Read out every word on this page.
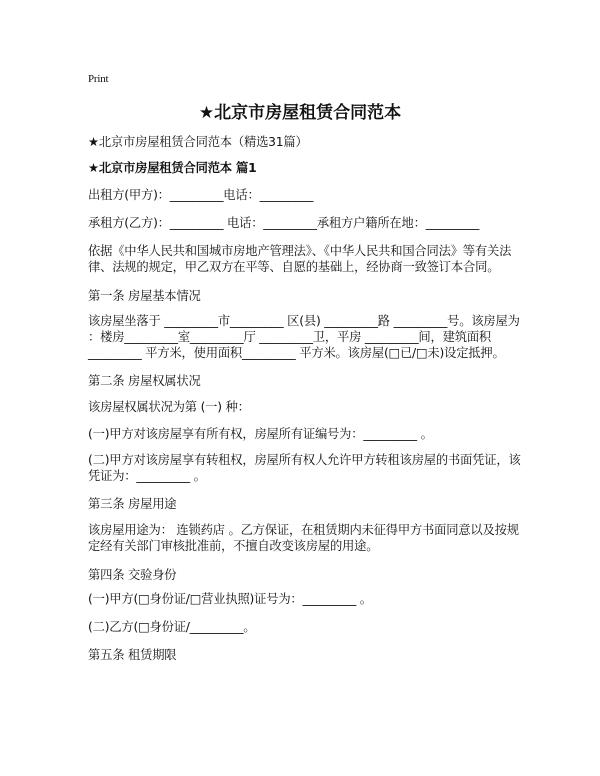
Print
★北京市房屋租赁合同范本
★北京市房屋租赁合同范本（精选31篇）
★北京市房屋租赁合同范本 篇1
出租方(甲方)：_________电话：_________
承租方(乙方)：_________ 电话：_________承租方户籍所在地：_________
依据《中华人民共和国城市房地产管理法》、《中华人民共和国合同法》等有关法
律、法规的规定，甲乙双方在平等、自愿的基础上，经协商一致签订本合同。
第一条 房屋基本情况
该房屋坐落于 _________市_________ 区(县) _________路 _________号。该房屋为
：楼房_________室_________厅 _________卫，平房 _________间，建筑面积
_________ 平方米，使用面积_________ 平方米。该房屋(□已/□未)设定抵押。
第二条 房屋权属状况
该房屋权属状况为第 (一) 种：
(一)甲方对该房屋享有所有权，房屋所有证编号为：_________ 。
(二)甲方对该房屋享有转租权，房屋所有权人允许甲方转租该房屋的书面凭证，该
凭证为：_________ 。
第三条 房屋用途
该房屋用途为： 连锁药店 。乙方保证，在租赁期内未征得甲方书面同意以及按规
定经有关部门审核批准前，不擅自改变该房屋的用途。
第四条 交验身份
(一)甲方(□身份证/□营业执照)证号为：_________ 。
(二)乙方(□身份证/_________。
第五条 租赁期限
